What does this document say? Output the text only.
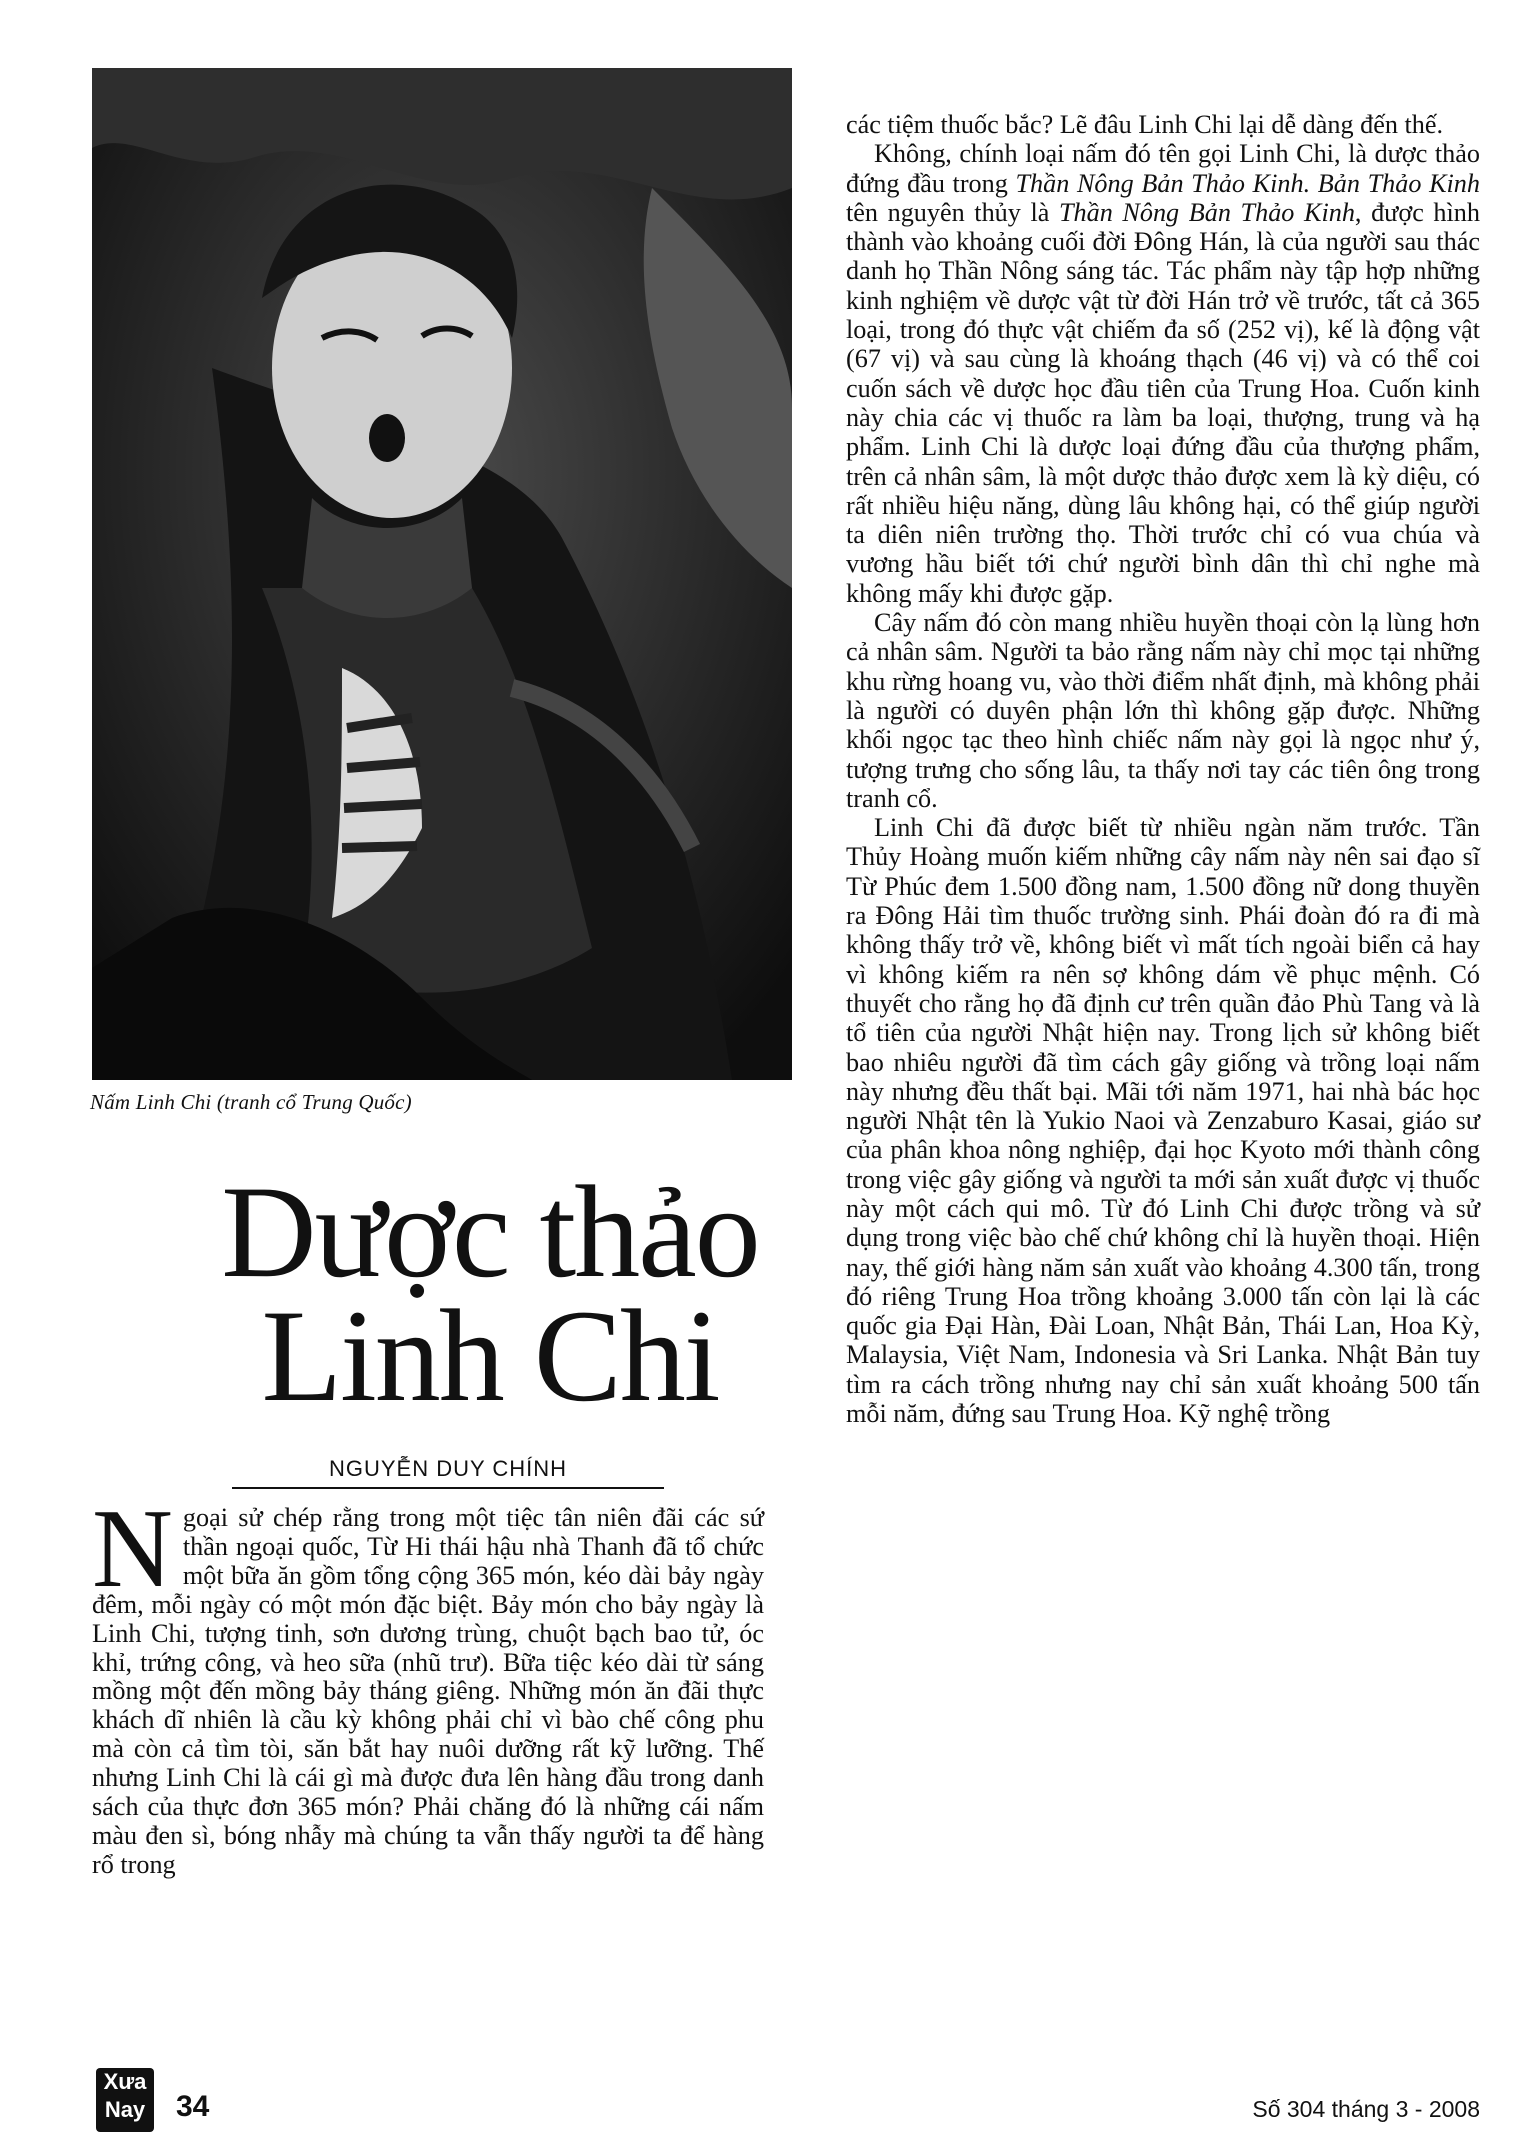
Nấm Linh Chi (tranh cổ Trung Quốc)
Dược thảo
Linh Chi
NGUYỄN DUY CHÍNH

Ngoại sử chép rằng trong một tiệc tân niên đãi các sứ thần ngoại quốc, Từ Hi thái hậu nhà Thanh đã tổ chức một bữa ăn gồm tổng cộng 365 món, kéo dài bảy ngày đêm, mỗi ngày có một món đặc biệt. Bảy món cho bảy ngày là Linh Chi, tượng tinh, sơn dương trùng, chuột bạch bao tử, óc khỉ, trứng công, và heo sữa (nhũ trư). Bữa tiệc kéo dài từ sáng mồng một đến mồng bảy tháng giêng. Những món ăn đãi thực khách dĩ nhiên là cầu kỳ không phải chỉ vì bào chế công phu mà còn cả tìm tòi, săn bắt hay nuôi dưỡng rất kỹ lưỡng. Thế nhưng Linh Chi là cái gì mà được đưa lên hàng đầu trong danh sách của thực đơn 365 món? Phải chăng đó là những cái nấm màu đen sì, bóng nhẫy mà chúng ta vẫn thấy người ta để hàng rổ trong

các tiệm thuốc bắc? Lẽ đâu Linh Chi lại dễ dàng đến thế.

Không, chính loại nấm đó tên gọi Linh Chi, là dược thảo đứng đầu trong Thần Nông Bản Thảo Kinh. Bản Thảo Kinh tên nguyên thủy là Thần Nông Bản Thảo Kinh, được hình thành vào khoảng cuối đời Đông Hán, là của người sau thác danh họ Thần Nông sáng tác. Tác phẩm này tập hợp những kinh nghiệm về dược vật từ đời Hán trở về trước, tất cả 365 loại, trong đó thực vật chiếm đa số (252 vị), kế là động vật (67 vị) và sau cùng là khoáng thạch (46 vị) và có thể coi cuốn sách về dược học đầu tiên của Trung Hoa. Cuốn kinh này chia các vị thuốc ra làm ba loại, thượng, trung và hạ phẩm. Linh Chi là dược loại đứng đầu của thượng phẩm, trên cả nhân sâm, là một dược thảo được xem là kỳ diệu, có rất nhiều hiệu năng, dùng lâu không hại, có thể giúp người ta diên niên trường thọ. Thời trước chỉ có vua chúa và vương hầu biết tới chứ người bình dân thì chỉ nghe mà không mấy khi được gặp.

Cây nấm đó còn mang nhiều huyền thoại còn lạ lùng hơn cả nhân sâm. Người ta bảo rằng nấm này chỉ mọc tại những khu rừng hoang vu, vào thời điểm nhất định, mà không phải là người có duyên phận lớn thì không gặp được. Những khối ngọc tạc theo hình chiếc nấm này gọi là ngọc như ý, tượng trưng cho sống lâu, ta thấy nơi tay các tiên ông trong tranh cổ.

Linh Chi đã được biết từ nhiều ngàn năm trước. Tần Thủy Hoàng muốn kiếm những cây nấm này nên sai đạo sĩ Từ Phúc đem 1.500 đồng nam, 1.500 đồng nữ dong thuyền ra Đông Hải tìm thuốc trường sinh. Phái đoàn đó ra đi mà không thấy trở về, không biết vì mất tích ngoài biển cả hay vì không kiếm ra nên sợ không dám về phục mệnh. Có thuyết cho rằng họ đã định cư trên quần đảo Phù Tang và là tổ tiên của người Nhật hiện nay. Trong lịch sử không biết bao nhiêu người đã tìm cách gây giống và trồng loại nấm này nhưng đều thất bại. Mãi tới năm 1971, hai nhà bác học người Nhật tên là Yukio Naoi và Zenzaburo Kasai, giáo sư của phân khoa nông nghiệp, đại học Kyoto mới thành công trong việc gây giống và người ta mới sản xuất được vị thuốc này một cách qui mô. Từ đó Linh Chi được trồng và sử dụng trong việc bào chế chứ không chỉ là huyền thoại. Hiện nay, thế giới hàng năm sản xuất vào khoảng 4.300 tấn, trong đó riêng Trung Hoa trồng khoảng 3.000 tấn còn lại là các quốc gia Đại Hàn, Đài Loan, Nhật Bản, Thái Lan, Hoa Kỳ, Malaysia, Việt Nam, Indonesia và Sri Lanka. Nhật Bản tuy tìm ra cách trồng nhưng nay chỉ sản xuất khoảng 500 tấn mỗi năm, đứng sau Trung Hoa. Kỹ nghệ trồng

Xưa
Nay 34	Số 304 tháng 3 - 2008
